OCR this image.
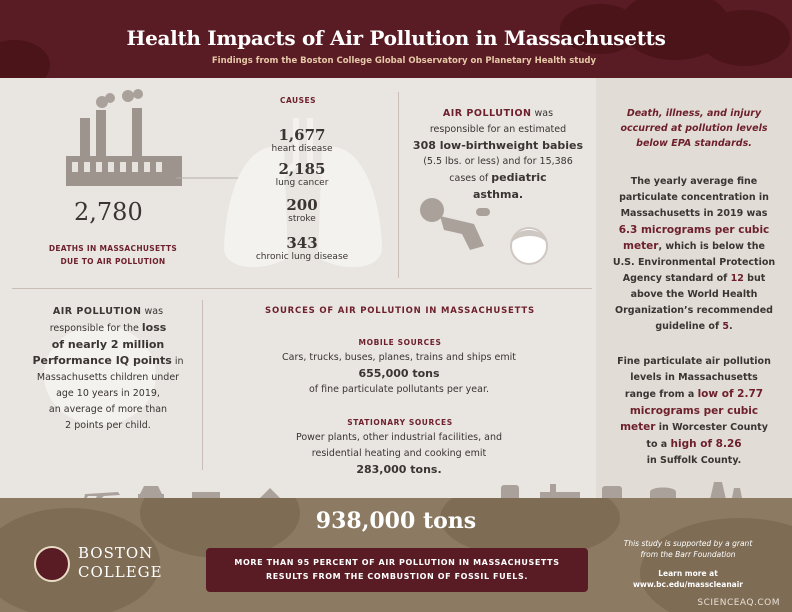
Health Impacts of Air Pollution in Massachusetts
Findings from the Boston College Global Observatory on Planetary Health study
2,780
DEATHS IN MASSACHUSETTS
DUE TO AIR POLLUTION
CAUSES
1,677
heart disease
2,185
lung cancer
200
stroke
343
chronic lung disease
AIR POLLUTION was
responsible for an estimated
308 low-birthweight babies
(5.5 lbs. or less) and for 15,386
cases of pediatric
asthma.
AIR POLLUTION was
responsible for the loss
of nearly 2 million
Performance IQ points in
Massachusetts children under
age 10 years in 2019,
an average of more than
2 points per child.
SOURCES OF AIR POLLUTION IN MASSACHUSETTS
MOBILE SOURCES
Cars, trucks, buses, planes, trains and ships emit
655,000 tons
of fine particulate pollutants per year.
STATIONARY SOURCES
Power plants, other industrial facilities, and
residential heating and cooking emit
283,000 tons.
Death, illness, and injury
occurred at pollution levels
below EPA standards.
The yearly average fine
particulate concentration in
Massachusetts in 2019 was
6.3 micrograms per cubic
meter, which is below the
U.S. Environmental Protection
Agency standard of 12 but
above the World Health
Organization’s recommended
guideline of 5.
Fine particulate air pollution
levels in Massachusetts
range from a low of 2.77
micrograms per cubic
meter in Worcester County
to a high of 8.26
in Suffolk County.
938,000 tons
MORE THAN 95 PERCENT OF AIR POLLUTION IN MASSACHUSETTS
RESULTS FROM THE COMBUSTION OF FOSSIL FUELS.
BOSTON
COLLEGE
This study is supported by a grant
from the Barr Foundation
Learn more at
www.bc.edu/masscleanair
SCIENCEAQ.COM
